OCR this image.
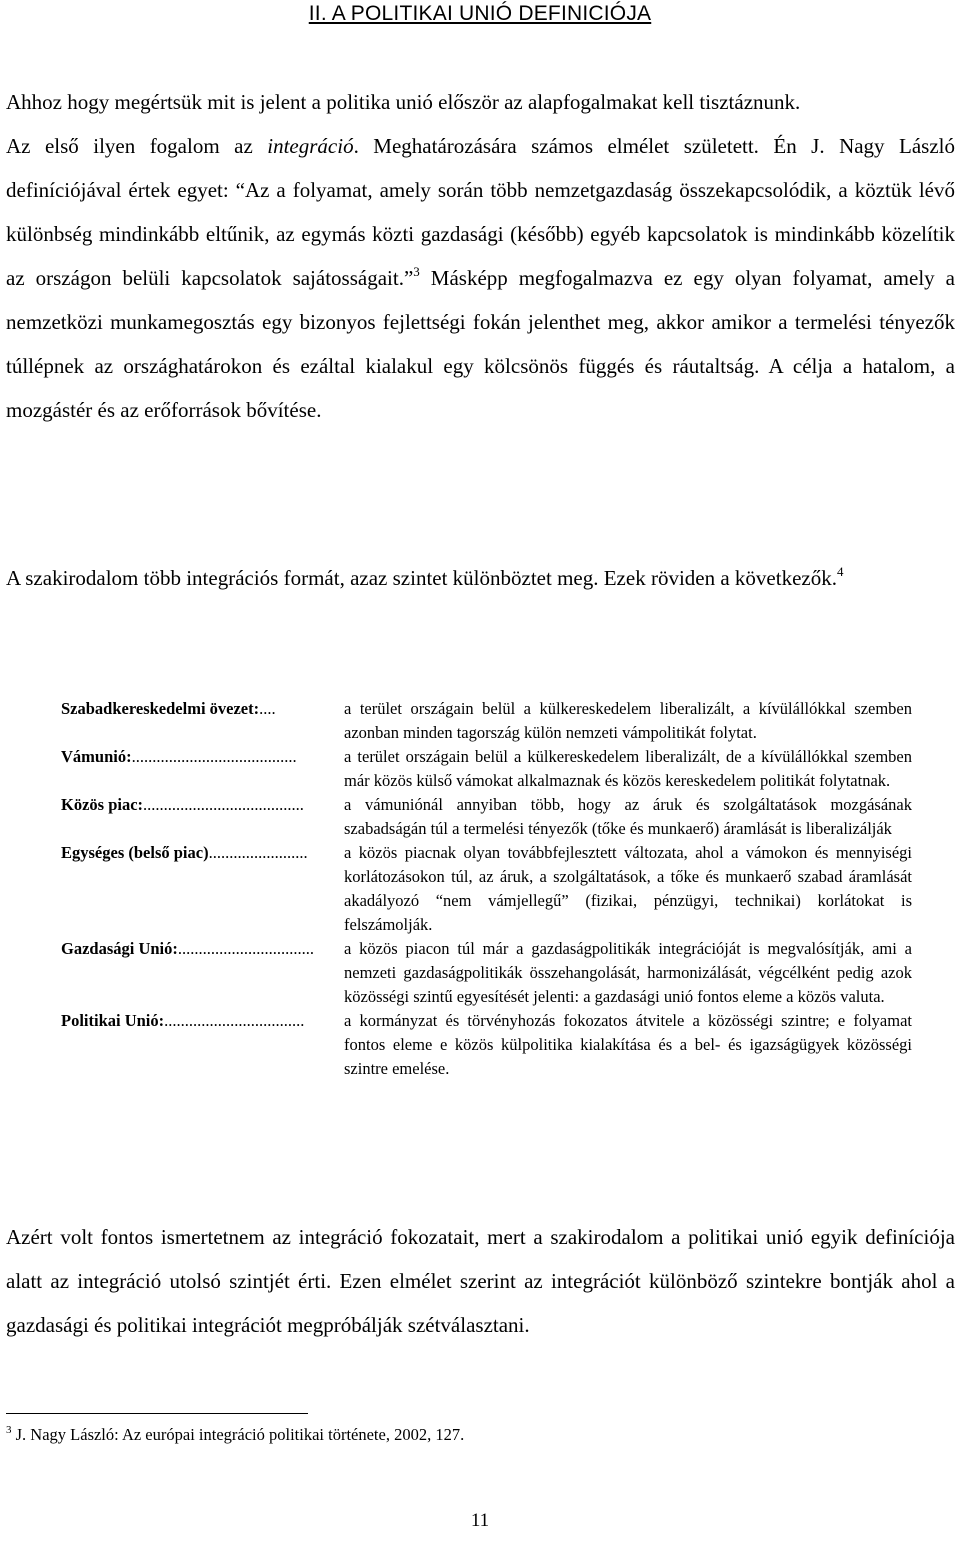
II. A POLITIKAI UNIÓ DEFINICIÓJA
Ahhoz hogy megértsük mit is jelent a politika unió először az alapfogalmakat kell tisztáznunk.
Az első ilyen fogalom az integráció. Meghatározására számos elmélet született. Én J. Nagy László definíciójával értek egyet: “Az a folyamat, amely során több nemzetgazdaság összekapcsolódik, a köztük lévő különbség mindinkább eltűnik, az egymás közti gazdasági (később) egyéb kapcsolatok is mindinkább közelítik az országon belüli kapcsolatok sajátosságait.”$^3$ Másképp megfogalmazva ez egy olyan folyamat, amely a nemzetközi munkamegosztás egy bizonyos fejlettségi fokán jelenthet meg, akkor amikor a termelési tényezők túllépnek az országhatárokon és ezáltal kialakul egy kölcsönös függés és ráutaltság. A célja a hatalom, a mozgástér és az erőforrások bővítése.
A szakirodalom több integrációs formát, azaz szintet különböztet meg. Ezek röviden a következők.$^4$
Szabadkereskedelmi övezet:....	a terület országain belül a külkereskedelem liberalizált, a kívülállókkal szemben azonban minden tagország külön nemzeti vámpolitikát folytat.
Vámunió:........................................	a terület országain belül a külkereskedelem liberalizált, de a kívülállókkal szemben már közös külső vámokat alkalmaznak és közös kereskedelem politikát folytatnak.
Közös piac:.......................................	a vámuniónál annyiban több, hogy az áruk és szolgáltatások mozgásának szabadságán túl a termelési tényezők (tőke és munkaerő) áramlását is liberalizálják
Egységes (belső piac)........................	a közös piacnak olyan továbbfejlesztett változata, ahol a vámokon és mennyiségi korlátozásokon túl, az áruk, a szolgáltatások, a tőke és munkaerő szabad áramlását akadályozó “nem vámjellegű” (fizikai, pénzügyi, technikai) korlátokat is felszámolják.
Gazdasági Unió:.................................	a közös piacon túl már a gazdaságpolitikák integrációját is megvalósítják, ami a nemzeti gazdaságpolitikák összehangolását, harmonizálását, végcélként pedig azok közösségi szintű egyesítését jelenti: a gazdasági unió fontos eleme a közös valuta.
Politikai Unió:..................................	a kormányzat és törvényhozás fokozatos átvitele a közösségi szintre; e folyamat fontos eleme e közös külpolitika kialakítása és a bel- és igazságügyek közösségi szintre emelése.
Azért volt fontos ismertetnem az integráció fokozatait, mert a szakirodalom a politikai unió egyik definíciója alatt az integráció utolsó szintjét érti. Ezen elmélet szerint az integrációt különböző szintekre bontják ahol a gazdasági és politikai integrációt megpróbálják szétválasztani.
$^3$ J. Nagy László: Az európai integráció politikai története, 2002, 127.
11
